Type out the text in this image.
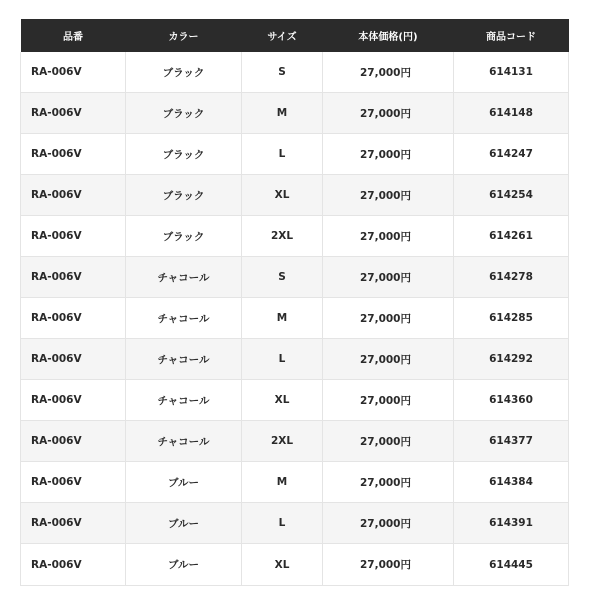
品番	カラー	サイズ	本体価格(円)	商品コード
RA-006V	ブラック	S	27,000円	614131
RA-006V	ブラック	M	27,000円	614148
RA-006V	ブラック	L	27,000円	614247
RA-006V	ブラック	XL	27,000円	614254
RA-006V	ブラック	2XL	27,000円	614261
RA-006V	チャコール	S	27,000円	614278
RA-006V	チャコール	M	27,000円	614285
RA-006V	チャコール	L	27,000円	614292
RA-006V	チャコール	XL	27,000円	614360
RA-006V	チャコール	2XL	27,000円	614377
RA-006V	ブルー	M	27,000円	614384
RA-006V	ブルー	L	27,000円	614391
RA-006V	ブルー	XL	27,000円	614445
